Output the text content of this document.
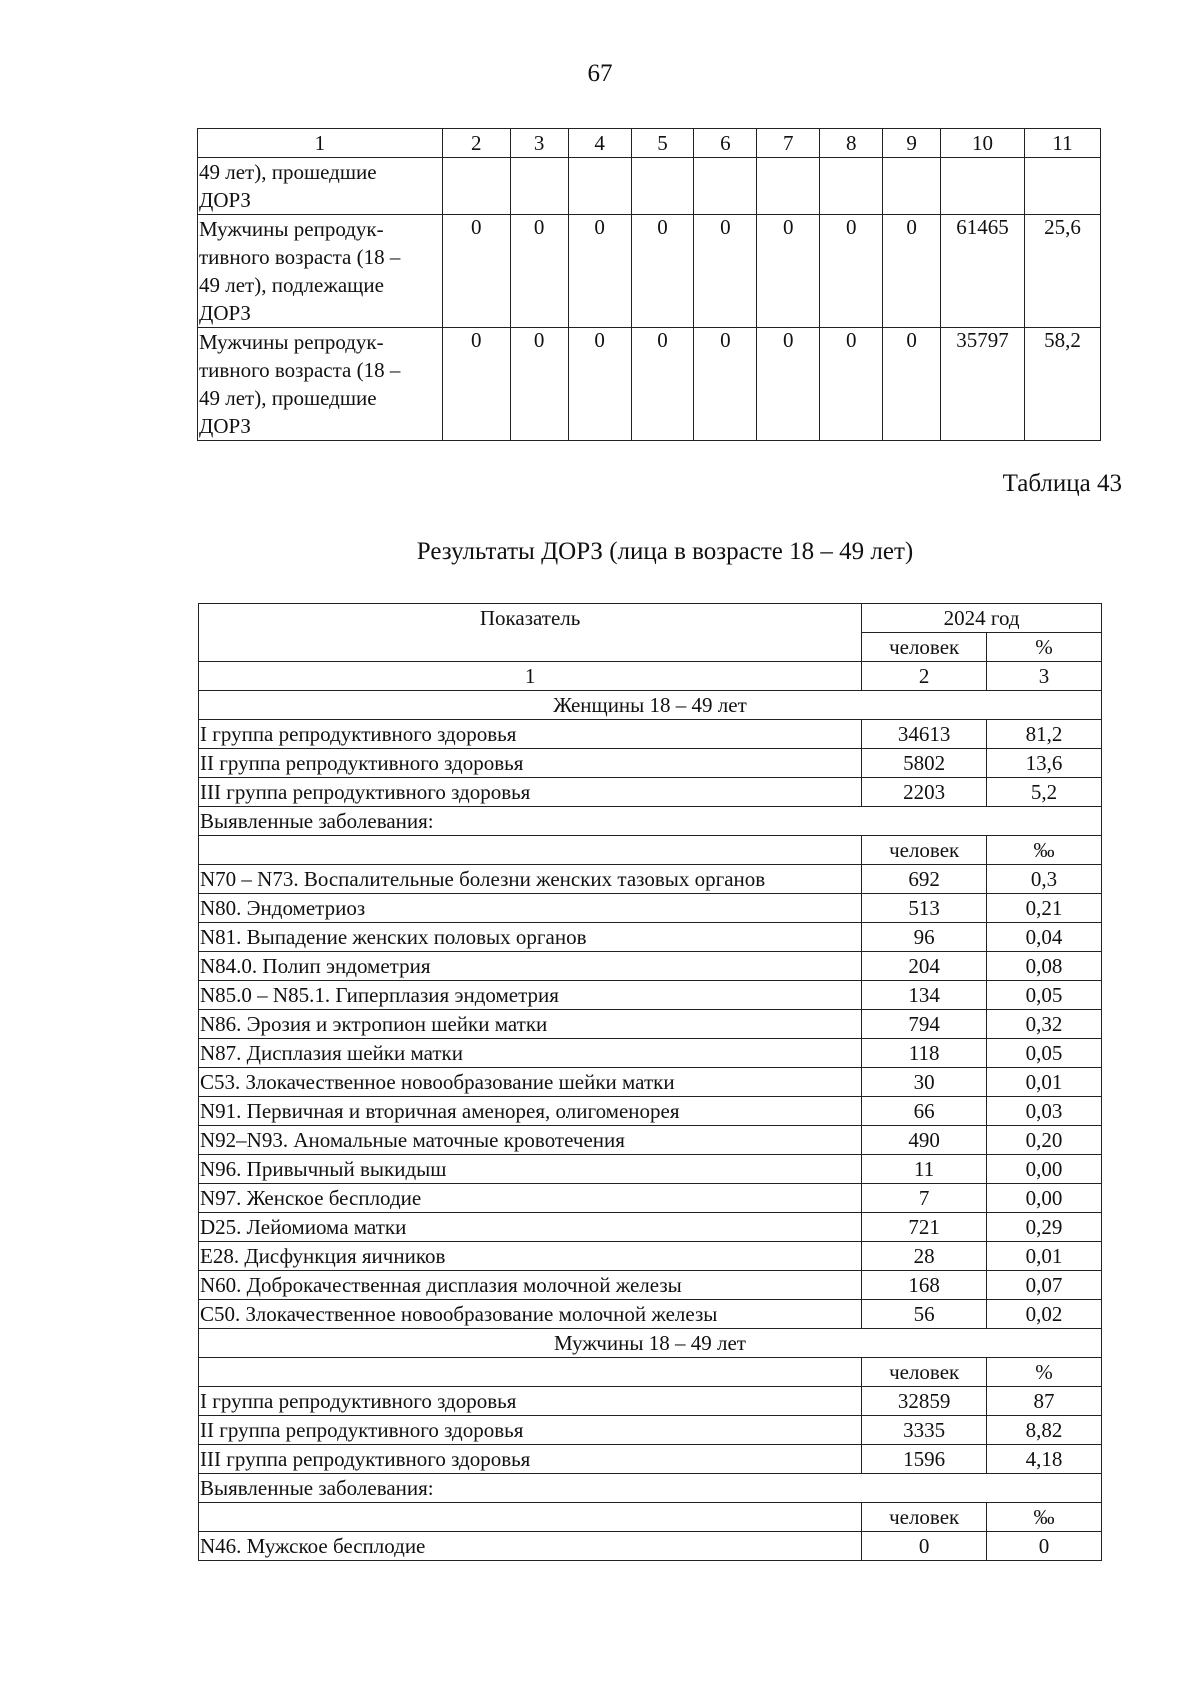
67
1	2	3	4	5	6	7	8	9	10	11

49 лет), прошедшие
ДОРЗ										

Мужчины репродук-
тивного возраста (18 –
49 лет), подлежащие
ДОРЗ	0	0	0	0	0	0	0	0	61465	25,6

Мужчины репродук-
тивного возраста (18 –
49 лет), прошедшие
ДОРЗ	0	0	0	0	0	0	0	0	35797	58,2
Таблица 43
Результаты ДОРЗ (лица в возрасте 18 – 49 лет)
Показатель	2024 год	
	человек	%
1	2	3
Женщины 18 – 49 лет		
I группа репродуктивного здоровья	34613	81,2
II группа репродуктивного здоровья	5802	13,6
III группа репродуктивного здоровья	2203	5,2
Выявленные заболевания:		
	человек	‰
N70 – N73. Воспалительные болезни женских тазовых органов	692	0,3
N80. Эндометриоз	513	0,21
N81. Выпадение женских половых органов	96	0,04
N84.0. Полип эндометрия	204	0,08
N85.0 – N85.1. Гиперплазия эндометрия	134	0,05
N86. Эрозия и эктропион шейки матки	794	0,32
N87. Дисплазия шейки матки	118	0,05
C53. Злокачественное новообразование шейки матки	30	0,01
N91. Первичная и вторичная аменорея, олигоменорея	66	0,03
N92–N93. Аномальные маточные кровотечения	490	0,20
N96. Привычный выкидыш	11	0,00
N97. Женское бесплодие	7	0,00
D25. Лейомиома матки	721	0,29
E28. Дисфункция яичников	28	0,01
N60. Доброкачественная дисплазия молочной железы	168	0,07
C50. Злокачественное новообразование молочной железы	56	0,02
Мужчины 18 – 49 лет		
	человек	%
I группа репродуктивного здоровья	32859	87
II группа репродуктивного здоровья	3335	8,82
III группа репродуктивного здоровья	1596	4,18
Выявленные заболевания:		
	человек	‰
N46. Мужское бесплодие	0	0
